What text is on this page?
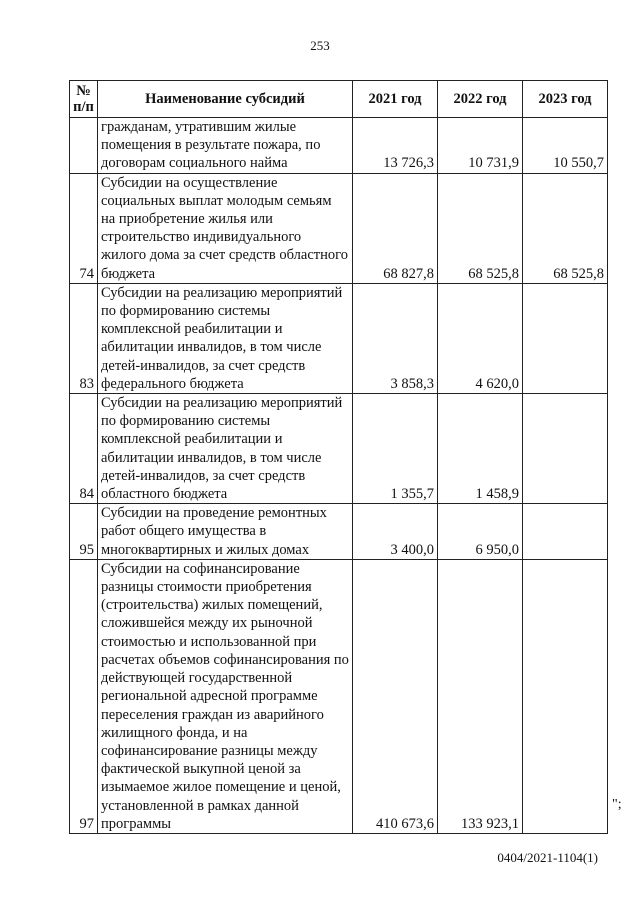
253
№ п/п	Наименование субсидий	2021 год	2022 год	2023 год
	гражданам, утратившим жилые помещения в результате пожара, по договорам социального найма	13 726,3	10 731,9	10 550,7
74	Субсидии на осуществление социальных выплат молодым семьям на приобретение жилья или строительство индивидуального жилого дома за счет средств областного бюджета	68 827,8	68 525,8	68 525,8
83	Субсидии на реализацию мероприятий по формированию системы комплексной реабилитации и абилитации инвалидов, в том числе детей-инвалидов, за счет средств федерального бюджета	3 858,3	4 620,0	
84	Субсидии на реализацию мероприятий по формированию системы комплексной реабилитации и абилитации инвалидов, в том числе детей-инвалидов, за счет средств областного бюджета	1 355,7	1 458,9	
95	Субсидии на проведение ремонтных работ общего имущества в многоквартирных и жилых домах	3 400,0	6 950,0	
97	Субсидии на софинансирование разницы стоимости приобретения (строительства) жилых помещений, сложившейся между их рыночной стоимостью и использованной при расчетах объемов софинансирования по действующей государственной региональной адресной программе переселения граждан из аварийного жилищного фонда, и на софинансирование разницы между фактической выкупной ценой за изымаемое жилое помещение и ценой, установленной в рамках данной программы	410 673,6	133 923,1	
";
0404/2021-1104(1)
